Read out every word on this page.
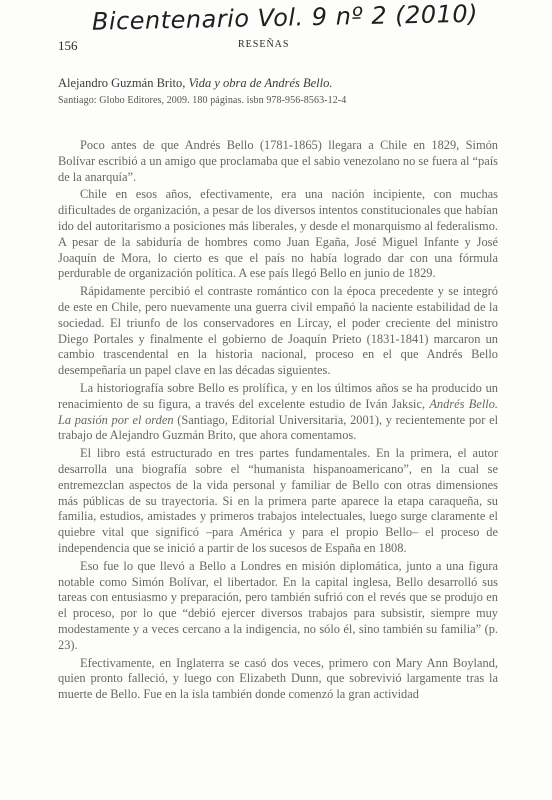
Bicentenario Vol. 9 nº 2 (2010)
156	RESEÑAS
Alejandro Guzmán Brito, Vida y obra de Andrés Bello.
Santiago: Globo Editores, 2009. 180 páginas. isbn 978-956-8563-12-4

Poco antes de que Andrés Bello (1781-1865) llegara a Chile en 1829, Simón Bolívar escribió a un amigo que proclamaba que el sabio venezolano no se fuera al “país de la anarquía”.

Chile en esos años, efectivamente, era una nación incipiente, con muchas dificultades de organización, a pesar de los diversos intentos constitucionales que habían ido del autoritarismo a posiciones más liberales, y desde el monarquismo al federalismo. A pesar de la sabiduría de hombres como Juan Egaña, José Miguel Infante y José Joaquín de Mora, lo cierto es que el país no había logrado dar con una fórmula perdurable de organización política. A ese país llegó Bello en junio de 1829.

Rápidamente percibió el contraste romántico con la época precedente y se integró de este en Chile, pero nuevamente una guerra civil empañó la naciente estabilidad de la sociedad. El triunfo de los conservadores en Lircay, el poder creciente del ministro Diego Portales y finalmente el gobierno de Joaquín Prieto (1831-1841) marcaron un cambio trascendental en la historia nacional, proceso en el que Andrés Bello desempeñaría un papel clave en las décadas siguientes.

La historiografía sobre Bello es prolífica, y en los últimos años se ha producido un renacimiento de su figura, a través del excelente estudio de Iván Jaksic, Andrés Bello. La pasión por el orden (Santiago, Editorial Universitaria, 2001), y recientemente por el trabajo de Alejandro Guzmán Brito, que ahora comentamos.

El libro está estructurado en tres partes fundamentales. En la primera, el autor desarrolla una biografía sobre el “humanista hispanoamericano”, en la cual se entremezclan aspectos de la vida personal y familiar de Bello con otras dimensiones más públicas de su trayectoria. Si en la primera parte aparece la etapa caraqueña, su familia, estudios, amistades y primeros trabajos intelectuales, luego surge claramente el quiebre vital que significó –para América y para el propio Bello– el proceso de independencia que se inició a partir de los sucesos de España en 1808.

Eso fue lo que llevó a Bello a Londres en misión diplomática, junto a una figura notable como Simón Bolívar, el libertador. En la capital inglesa, Bello desarrolló sus tareas con entusiasmo y preparación, pero también sufrió con el revés que se produjo en el proceso, por lo que “debió ejercer diversos trabajos para subsistir, siempre muy modestamente y a veces cercano a la indigencia, no sólo él, sino también su familia” (p. 23).

Efectivamente, en Inglaterra se casó dos veces, primero con Mary Ann Boyland, quien pronto falleció, y luego con Elizabeth Dunn, que sobrevivió largamente tras la muerte de Bello. Fue en la isla también donde comenzó la gran actividad
